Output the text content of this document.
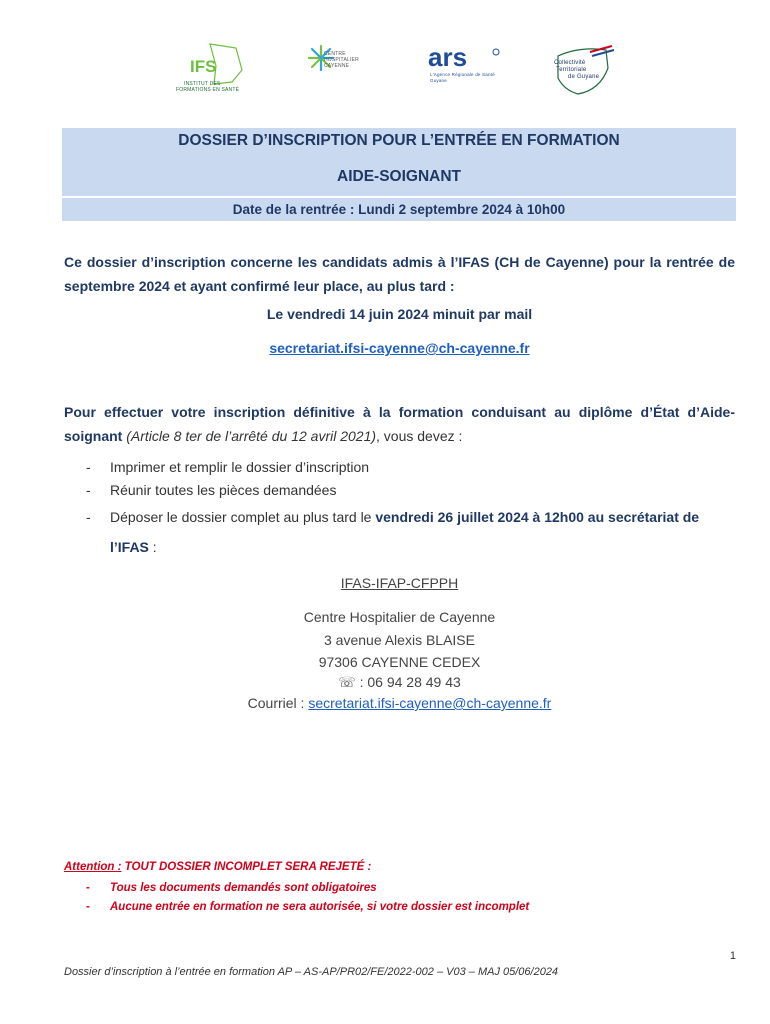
IFS
INSTITUT DES
FORMATIONS EN SANTÉ
CENTRE
HOSPITALIER
CAYENNE	ars
L'Agence Régionale de Santé
Guyane
Collectivité
Territoriale
de Guyane
DOSSIER D’INSCRIPTION POUR L’ENTRÉE EN FORMATION
AIDE-SOIGNANT
Date de la rentrée : Lundi 2 septembre 2024 à 10h00
Ce dossier d’inscription concerne les candidats admis à l’IFAS (CH de Cayenne) pour la rentrée de septembre 2024 et ayant confirmé leur place, au plus tard :
Le vendredi 14 juin 2024 minuit par mail
secretariat.ifsi-cayenne@ch-cayenne.fr
Pour effectuer votre inscription définitive à la formation conduisant au diplôme d’État d’Aide-soignant (Article 8 ter de l’arrêté du 12 avril 2021), vous devez :
- Imprimer et remplir le dossier d’inscription
- Réunir toutes les pièces demandées
- Déposer le dossier complet au plus tard le vendredi 26 juillet 2024 à 12h00 au secrétariat de l’IFAS :
IFAS-IFAP-CFPPH
Centre Hospitalier de Cayenne
3 avenue Alexis BLAISE
97306 CAYENNE CEDEX
☏ : 06 94 28 49 43
Courriel : secretariat.ifsi-cayenne@ch-cayenne.fr
Attention : TOUT DOSSIER INCOMPLET SERA REJETÉ :
- Tous les documents demandés sont obligatoires
- Aucune entrée en formation ne sera autorisée, si votre dossier est incomplet
1
Dossier d’inscription à l’entrée en formation AP – AS-AP/PR02/FE/2022-002 – V03 – MAJ 05/06/2024
